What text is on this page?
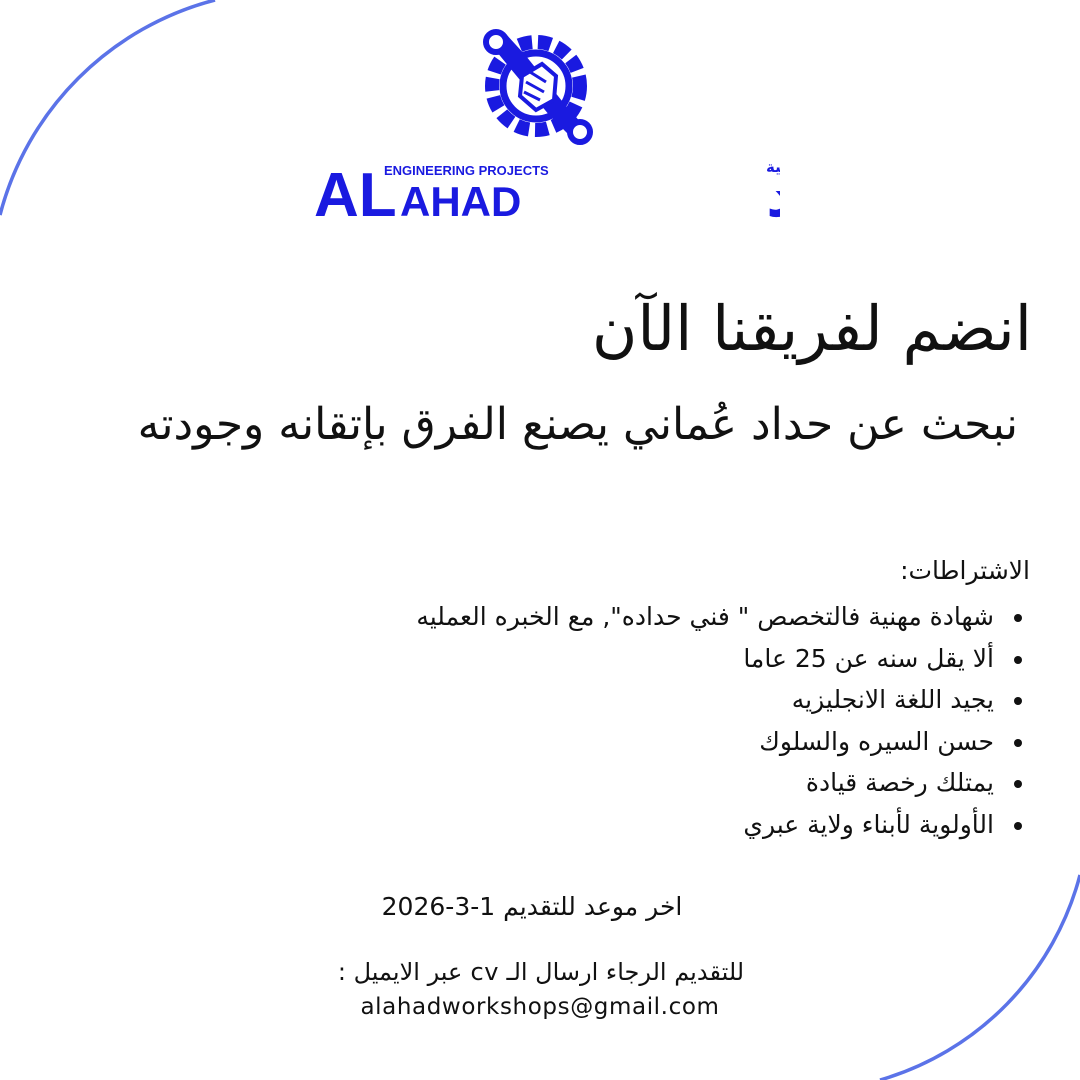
AL AHAD
ENGINEERING PROJECTS	ية
انضم لفريقنا الآن
نبحث عن حداد عُماني يصنع الفرق بإتقانه وجودته
الاشتراطات:
• شهادة مهنية فالتخصص " فني حداده", مع الخبره العمليه
• ألا يقل سنه عن 25 عاما
• يجيد اللغة الانجليزيه
• حسن السيره والسلوك
• يمتلك رخصة قيادة
• الأولوية لأبناء ولاية عبري
اخر موعد للتقديم 1-3-2026
للتقديم الرجاء ارسال الـ cv عبر الايميل :
alahadworkshops@gmail.com
